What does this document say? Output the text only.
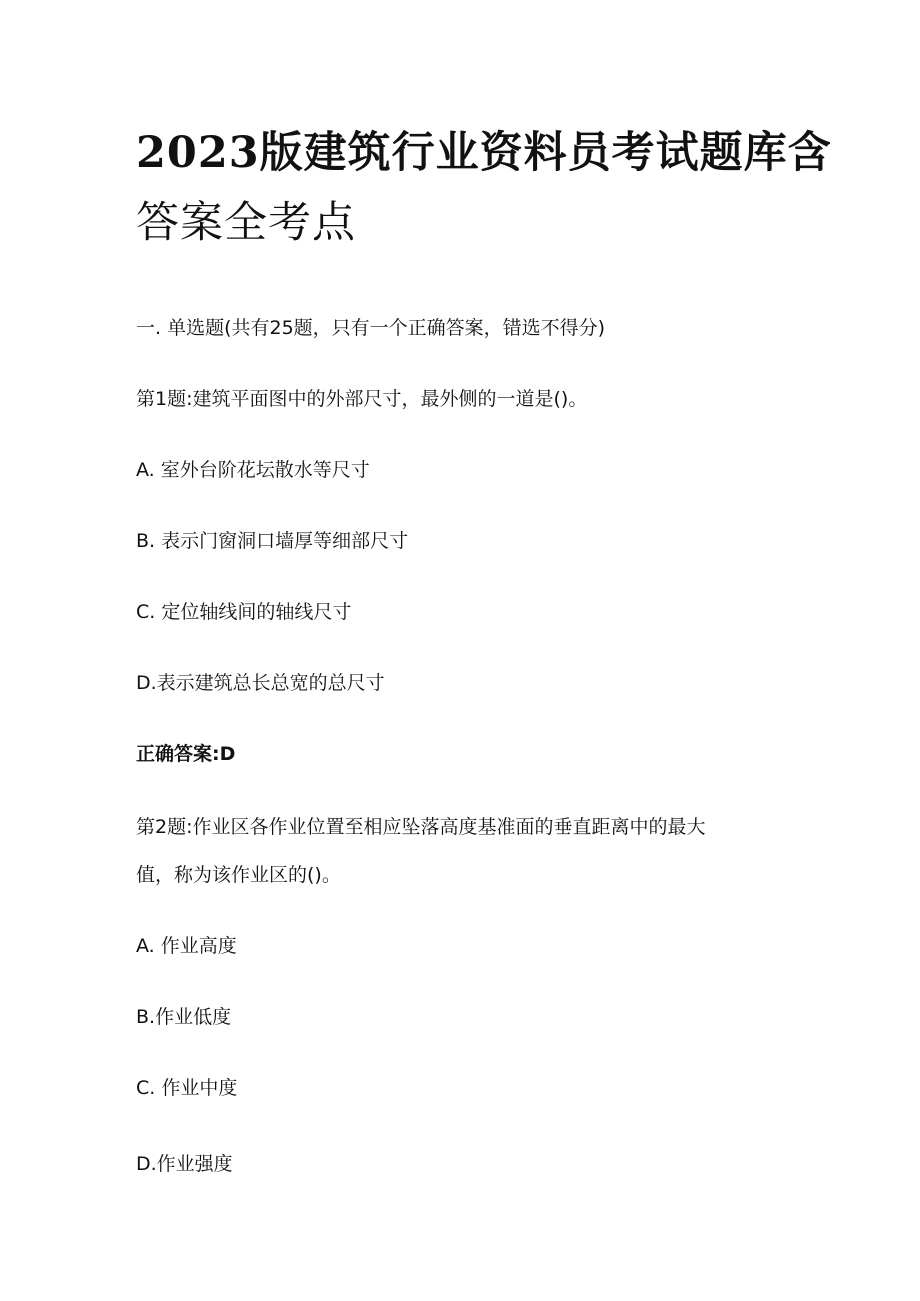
2023版建筑行业资料员考试题库含
答案全考点

一. 单选题(共有25题，只有一个正确答案，错选不得分)

第1题:建筑平面图中的外部尺寸，最外侧的一道是()。

A. 室外台阶花坛散水等尺寸

B. 表示门窗洞口墙厚等细部尺寸

C. 定位轴线间的轴线尺寸

D.表示建筑总长总宽的总尺寸

正确答案:D

第2题:作业区各作业位置至相应坠落高度基准面的垂直距离中的最大

值，称为该作业区的()。

A. 作业高度

B.作业低度

C. 作业中度

D.作业强度
